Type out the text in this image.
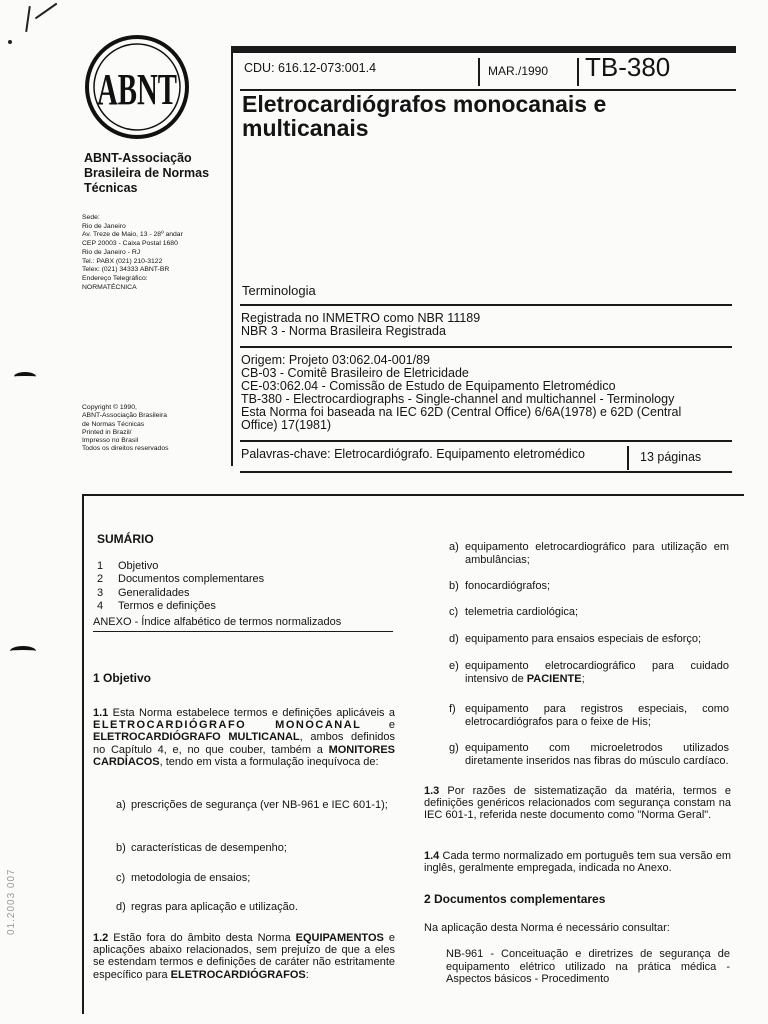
01.2003 007
ABNT
ABNT-Associação Brasileira de Normas Técnicas
Sede:
Rio de Janeiro
Av. Treze de Maio, 13 - 28º andar
CEP 20003 - Caixa Postal 1680
Rio de Janeiro - RJ
Tel.: PABX (021) 210-3122
Telex: (021) 34333 ABNT-BR
Endereço Telegráfico:
NORMATÉCNICA
Copyright © 1990,
ABNT-Associação Brasileira
de Normas Técnicas
Printed in Brazil/
Impresso no Brasil
Todos os direitos reservados
CDU: 616.12-073:001.4	MAR./1990 TB-380
Eletrocardiógrafos monocanais e multicanais
Terminologia
Registrada no INMETRO como NBR 11189
NBR 3 - Norma Brasileira Registrada
Origem: Projeto 03:062.04-001/89
CB-03 - Comitê Brasileiro de Eletricidade
CE-03:062.04 - Comissão de Estudo de Equipamento Eletromédico
TB-380 - Electrocardiographs - Single-channel and multichannel - Terminology
Esta Norma foi baseada na IEC 62D (Central Office) 6/6A(1978) e 62D (Central
Office) 17(1981)
Palavras-chave: Eletrocardiógrafo. Equipamento eletromédico	13 páginas
SUMÁRIO
1 Objetivo
2 Documentos complementares
3 Generalidades
4 Termos e definições
ANEXO - Índice alfabético de termos normalizados
1 Objetivo
1.1 Esta Norma estabelece termos e definições aplicáveis a ELETROCARDIÓGRAFO MONOCANAL e ELETROCARDIÓGRAFO MULTICANAL, ambos definidos no Capítulo 4, e, no que couber, também a MONITORES CARDÍACOS, tendo em vista a formulação inequívoca de:
a) prescrições de segurança (ver NB-961 e IEC 601-1);
b) características de desempenho;
c) metodologia de ensaios;
d) regras para aplicação e utilização.
1.2 Estão fora do âmbito desta Norma EQUIPAMENTOS e aplicações abaixo relacionados, sem prejuízo de que a eles se estendam termos e definições de caráter não estritamente específico para ELETROCARDIÓGRAFOS:
a) equipamento eletrocardiográfico para utilização em ambulâncias;
b) fonocardiógrafos;
c) telemetria cardiológica;
d) equipamento para ensaios especiais de esforço;
e) equipamento eletrocardiográfico para cuidado intensivo de PACIENTE;
f) equipamento para registros especiais, como eletrocardiógrafos para o feixe de His;
g) equipamento com microeletrodos utilizados diretamente inseridos nas fibras do músculo cardíaco.
1.3 Por razões de sistematização da matéria, termos e definições genéricos relacionados com segurança constam na IEC 601-1, referida neste documento como "Norma Geral".
1.4 Cada termo normalizado em português tem sua versão em inglês, geralmente empregada, indicada no Anexo.
2 Documentos complementares
Na aplicação desta Norma é necessário consultar:
NB-961 - Conceituação e diretrizes de segurança de equipamento elétrico utilizado na prática médica - Aspectos básicos - Procedimento
